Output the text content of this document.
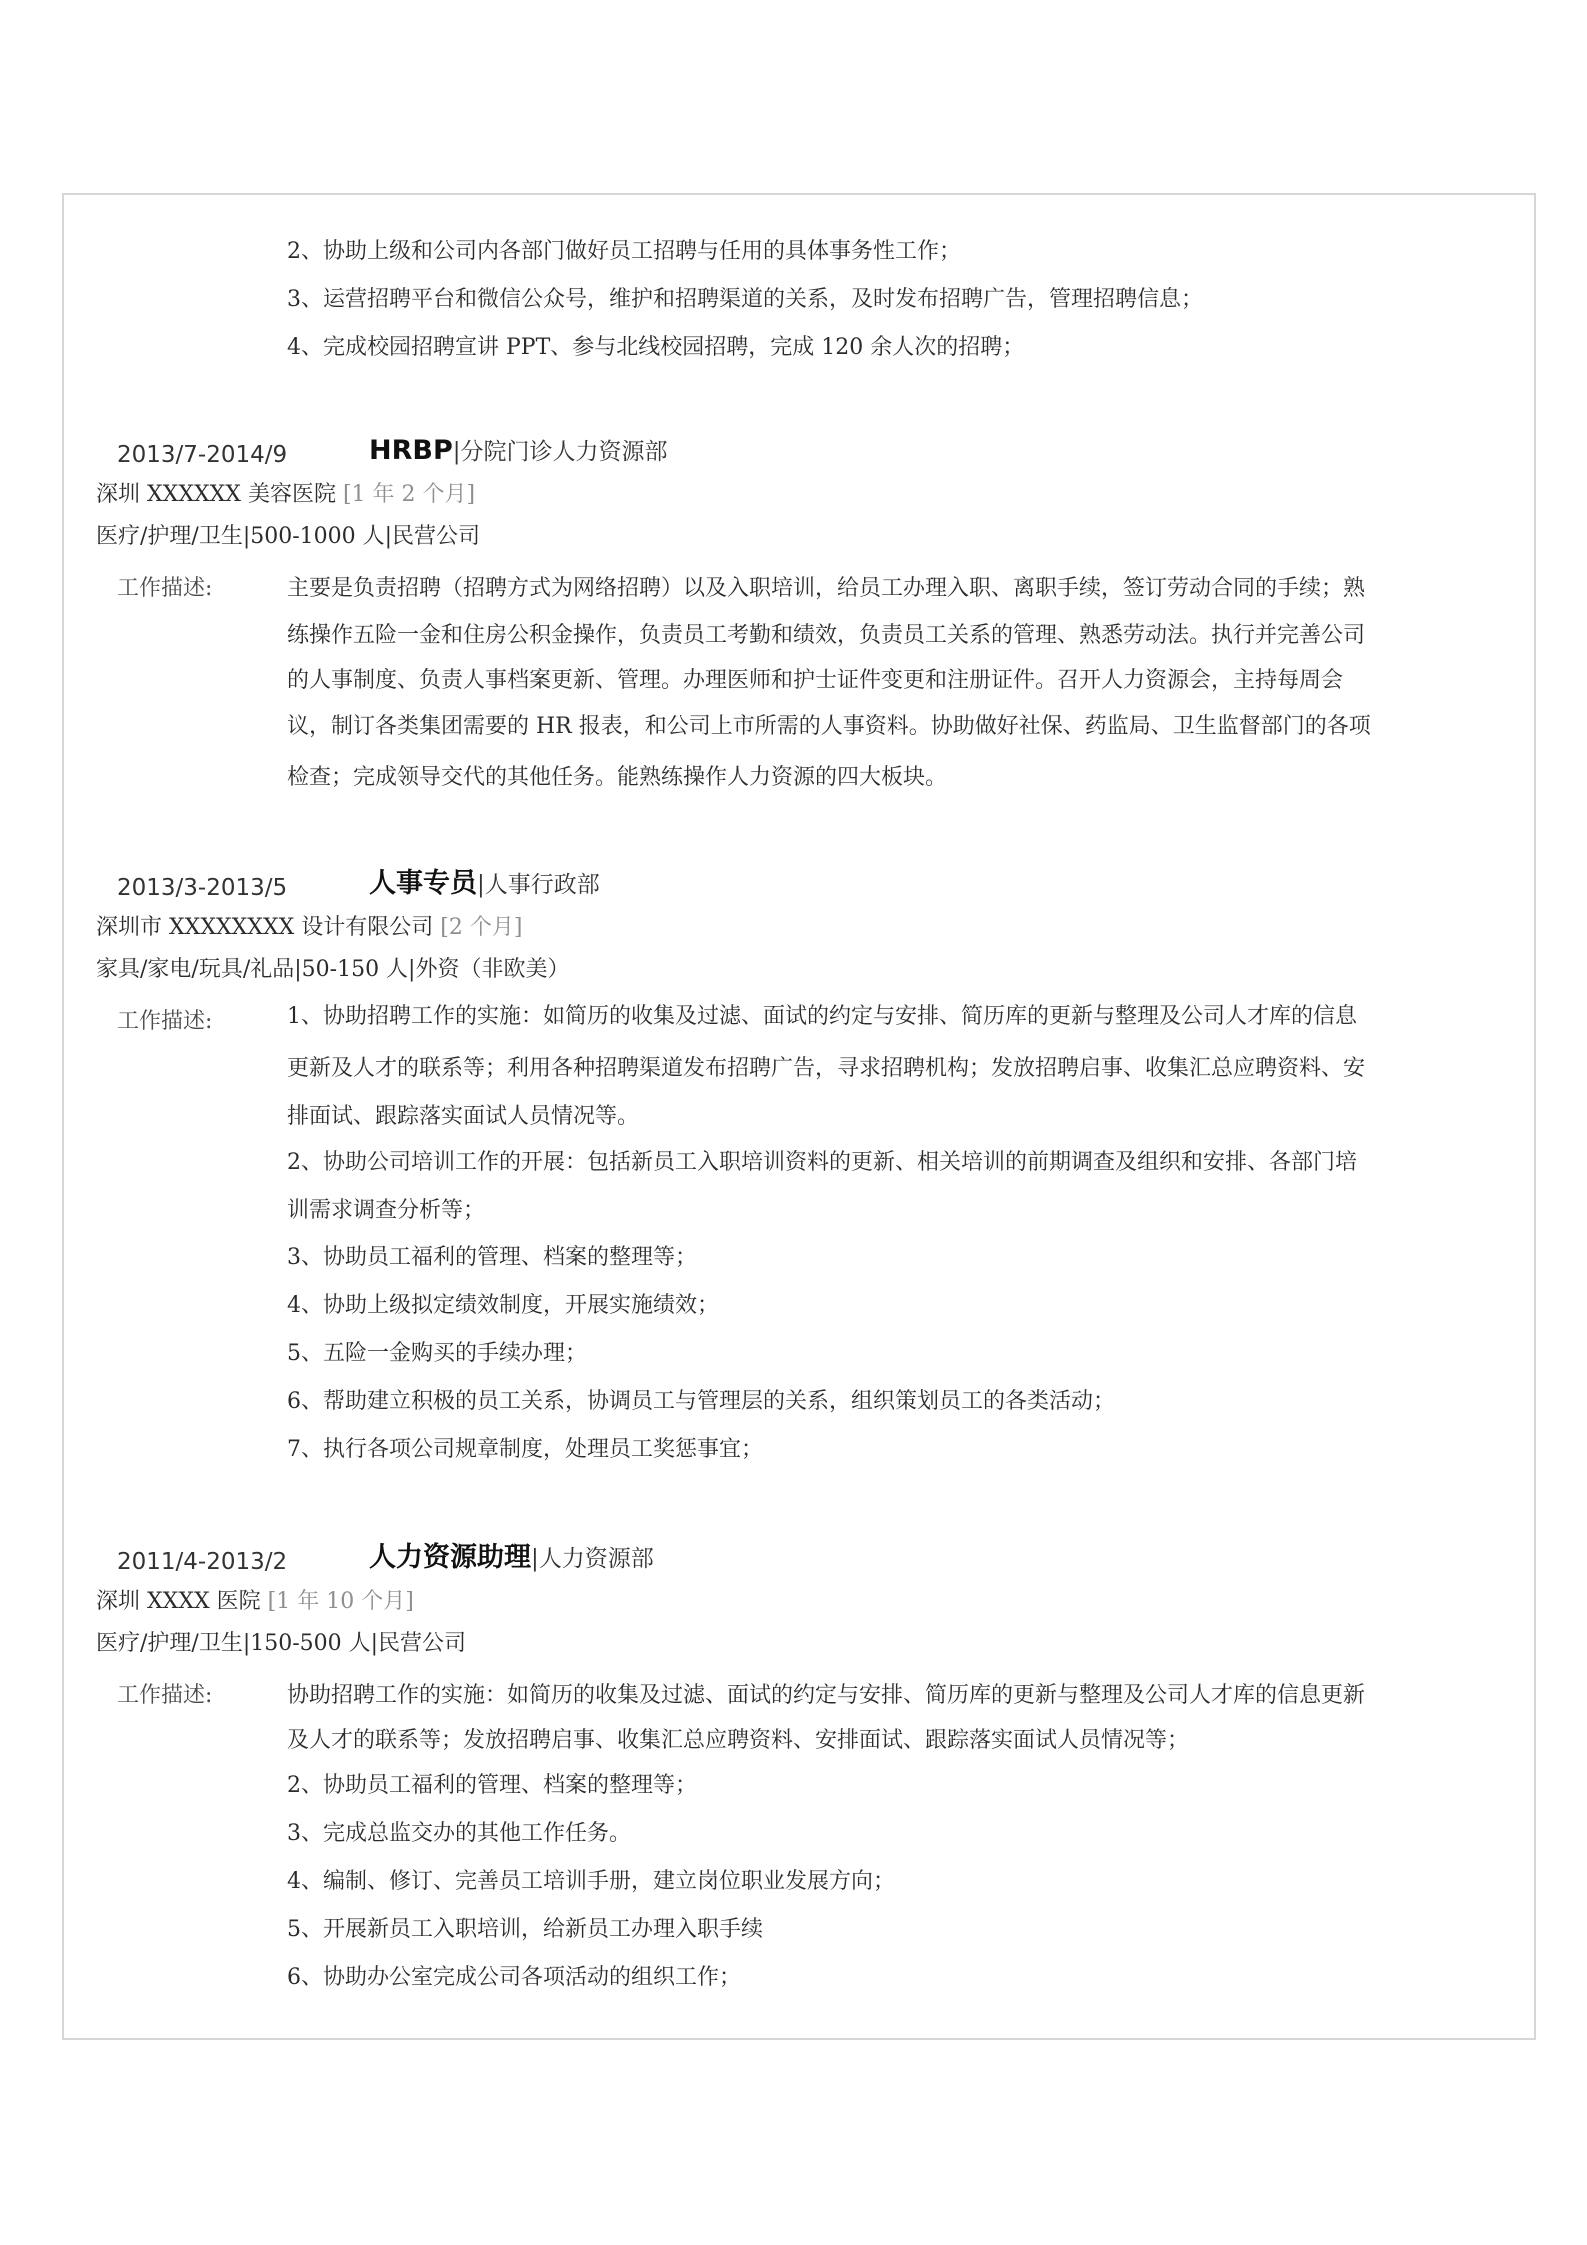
2、协助上级和公司内各部门做好员工招聘与任用的具体事务性工作；
3、运营招聘平台和微信公众号，维护和招聘渠道的关系，及时发布招聘广告，管理招聘信息；
4、完成校园招聘宣讲 PPT、参与北线校园招聘，完成 120 余人次的招聘；
2013/7-2014/9	HRBP|分院门诊人力资源部
深圳 XXXXXX 美容医院 [1 年 2 个月]
医疗/护理/卫生|500-1000 人|民营公司
工作描述:	主要是负责招聘（招聘方式为网络招聘）以及入职培训，给员工办理入职、离职手续，签订劳动合同的手续；熟
练操作五险一金和住房公积金操作，负责员工考勤和绩效，负责员工关系的管理、熟悉劳动法。执行并完善公司
的人事制度、负责人事档案更新、管理。办理医师和护士证件变更和注册证件。召开人力资源会，主持每周会
议，制订各类集团需要的 HR 报表，和公司上市所需的人事资料。协助做好社保、药监局、卫生监督部门的各项
检查；完成领导交代的其他任务。能熟练操作人力资源的四大板块。
2013/3-2013/5	人事专员|人事行政部
深圳市 XXXXXXXX 设计有限公司 [2 个月]
家具/家电/玩具/礼品|50-150 人|外资（非欧美）
工作描述:	1、协助招聘工作的实施：如简历的收集及过滤、面试的约定与安排、简历库的更新与整理及公司人才库的信息
更新及人才的联系等；利用各种招聘渠道发布招聘广告，寻求招聘机构；发放招聘启事、收集汇总应聘资料、安
排面试、跟踪落实面试人员情况等。
2、协助公司培训工作的开展：包括新员工入职培训资料的更新、相关培训的前期调查及组织和安排、各部门培
训需求调查分析等；
3、协助员工福利的管理、档案的整理等；
4、协助上级拟定绩效制度，开展实施绩效；
5、五险一金购买的手续办理；
6、帮助建立积极的员工关系，协调员工与管理层的关系，组织策划员工的各类活动；
7、执行各项公司规章制度，处理员工奖惩事宜；
2011/4-2013/2	人力资源助理|人力资源部
深圳 XXXX 医院 [1 年 10 个月]
医疗/护理/卫生|150-500 人|民营公司
工作描述:	协助招聘工作的实施：如简历的收集及过滤、面试的约定与安排、简历库的更新与整理及公司人才库的信息更新
及人才的联系等；发放招聘启事、收集汇总应聘资料、安排面试、跟踪落实面试人员情况等；
2、协助员工福利的管理、档案的整理等；
3、完成总监交办的其他工作任务。
4、编制、修订、完善员工培训手册，建立岗位职业发展方向；
5、开展新员工入职培训，给新员工办理入职手续
6、协助办公室完成公司各项活动的组织工作；
